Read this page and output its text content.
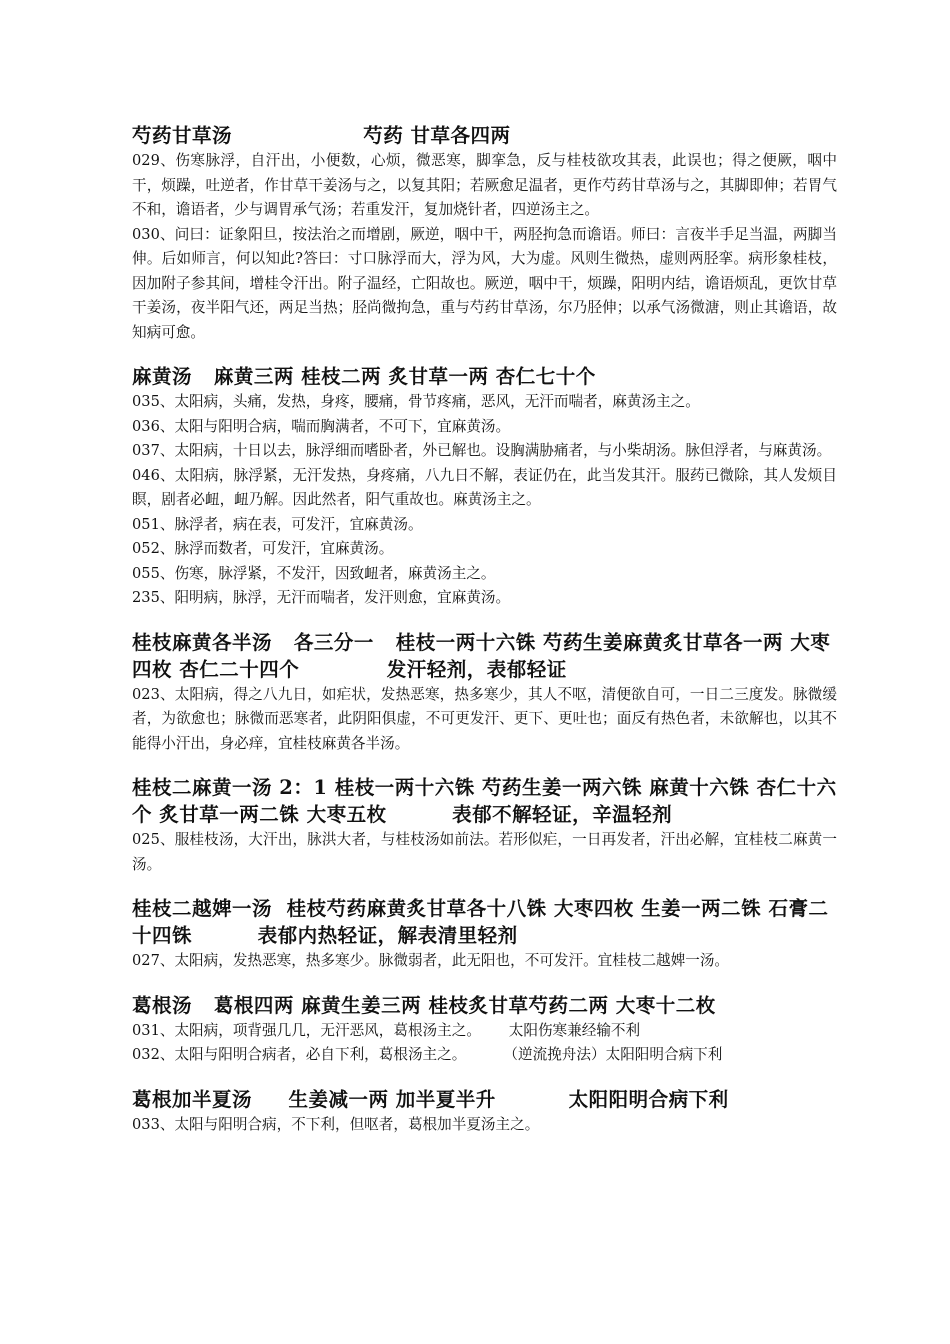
芍药甘草汤                  芍药 甘草各四两
029、伤寒脉浮，自汗出，小便数，心烦，微恶寒，脚挛急，反与桂枝欲攻其表，此误也；得之便厥，咽中干，烦躁，吐逆者，作甘草干姜汤与之，以复其阳；若厥愈足温者，更作芍药甘草汤与之，其脚即伸；若胃气不和，谵语者，少与调胃承气汤；若重发汗，复加烧针者，四逆汤主之。
030、问曰：证象阳旦，按法治之而增剧，厥逆，咽中干，两胫拘急而谵语。师曰：言夜半手足当温，两脚当伸。后如师言，何以知此?答曰：寸口脉浮而大，浮为风，大为虚。风则生微热，虚则两胫挛。病形象桂枝，因加附子参其间，增桂令汗出。附子温经，亡阳故也。厥逆，咽中干，烦躁，阳明内结，谵语烦乱，更饮甘草干姜汤，夜半阳气还，两足当热；胫尚微拘急，重与芍药甘草汤，尔乃胫伸；以承气汤微溏，则止其谵语，故知病可愈。
麻黄汤   麻黄三两 桂枝二两 炙甘草一两 杏仁七十个
035、太阳病，头痛，发热，身疼，腰痛，骨节疼痛，恶风，无汗而喘者，麻黄汤主之。
036、太阳与阳明合病，喘而胸满者，不可下，宜麻黄汤。
037、太阳病，十日以去，脉浮细而嗜卧者，外已解也。设胸满胁痛者，与小柴胡汤。脉但浮者，与麻黄汤。
046、太阳病，脉浮紧，无汗发热，身疼痛，八九日不解，表证仍在，此当发其汗。服药已微除，其人发烦目瞑，剧者必衄，衄乃解。因此然者，阳气重故也。麻黄汤主之。
051、脉浮者，病在表，可发汗，宜麻黄汤。
052、脉浮而数者，可发汗，宜麻黄汤。
055、伤寒，脉浮紧，不发汗，因致衄者，麻黄汤主之。
235、阳明病，脉浮，无汗而喘者，发汗则愈，宜麻黄汤。
桂枝麻黄各半汤   各三分一   桂枝一两十六铢 芍药生姜麻黄炙甘草各一两 大枣四枚 杏仁二十四个            发汗轻剂，表郁轻证
023、太阳病，得之八九日，如疟状，发热恶寒，热多寒少，其人不呕，清便欲自可，一日二三度发。脉微缓者，为欲愈也；脉微而恶寒者，此阴阳俱虚，不可更发汗、更下、更吐也；面反有热色者，未欲解也，以其不能得小汗出，身必痒，宜桂枝麻黄各半汤。
桂枝二麻黄一汤 2：1 桂枝一两十六铢 芍药生姜一两六铢 麻黄十六铢 杏仁十六个 炙甘草一两二铢 大枣五枚         表郁不解轻证，辛温轻剂
025、服桂枝汤，大汗出，脉洪大者，与桂枝汤如前法。若形似疟，一日再发者，汗出必解，宜桂枝二麻黄一汤。
桂枝二越婢一汤  桂枝芍药麻黄炙甘草各十八铢 大枣四枚 生姜一两二铢 石膏二十四铢         表郁内热轻证，解表清里轻剂
027、太阳病，发热恶寒，热多寒少。脉微弱者，此无阳也，不可发汗。宜桂枝二越婢一汤。
葛根汤   葛根四两 麻黄生姜三两 桂枝炙甘草芍药二两 大枣十二枚
031、太阳病，项背强几几，无汗恶风，葛根汤主之。      太阳伤寒兼经输不利
032、太阳与阳明合病者，必自下利，葛根汤主之。        （逆流挽舟法）太阳阳明合病下利
葛根加半夏汤     生姜减一两 加半夏半升          太阳阳明合病下利
033、太阳与阳明合病，不下利，但呕者，葛根加半夏汤主之。
